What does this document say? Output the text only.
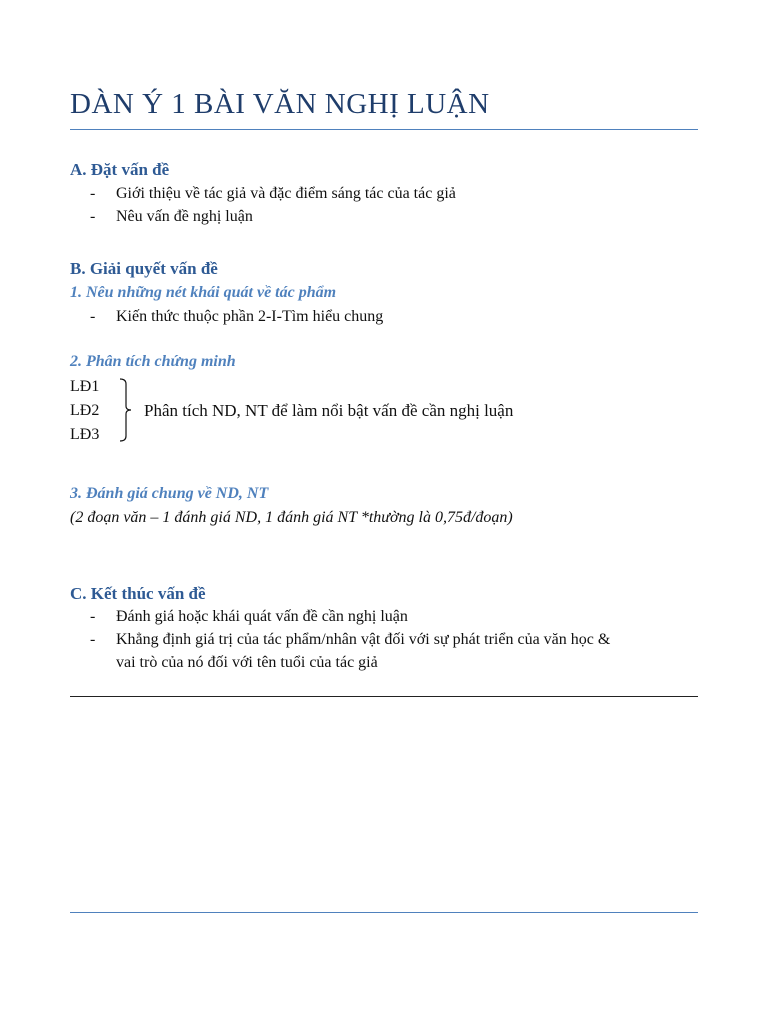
DÀN Ý 1 BÀI VĂN NGHỊ LUẬN
A. Đặt vấn đề
- Giới thiệu về tác giả và đặc điểm sáng tác của tác giả
- Nêu vấn đề nghị luận
B. Giải quyết vấn đề
1. Nêu những nét khái quát về tác phẩm
- Kiến thức thuộc phần 2-I-Tìm hiểu chung
2. Phân tích chứng minh
LĐ1
LĐ2
LĐ3
Phân tích ND, NT để làm nổi bật vấn đề cần nghị luận
3. Đánh giá chung về ND, NT
(2 đoạn văn – 1 đánh giá ND, 1 đánh giá NT *thường là 0,75đ/đoạn)
C. Kết thúc vấn đề
- Đánh giá hoặc khái quát vấn đề cần nghị luận
- Khẳng định giá trị của tác phẩm/nhân vật đối với sự phát triển của văn học &
vai trò của nó đối với tên tuổi của tác giả
